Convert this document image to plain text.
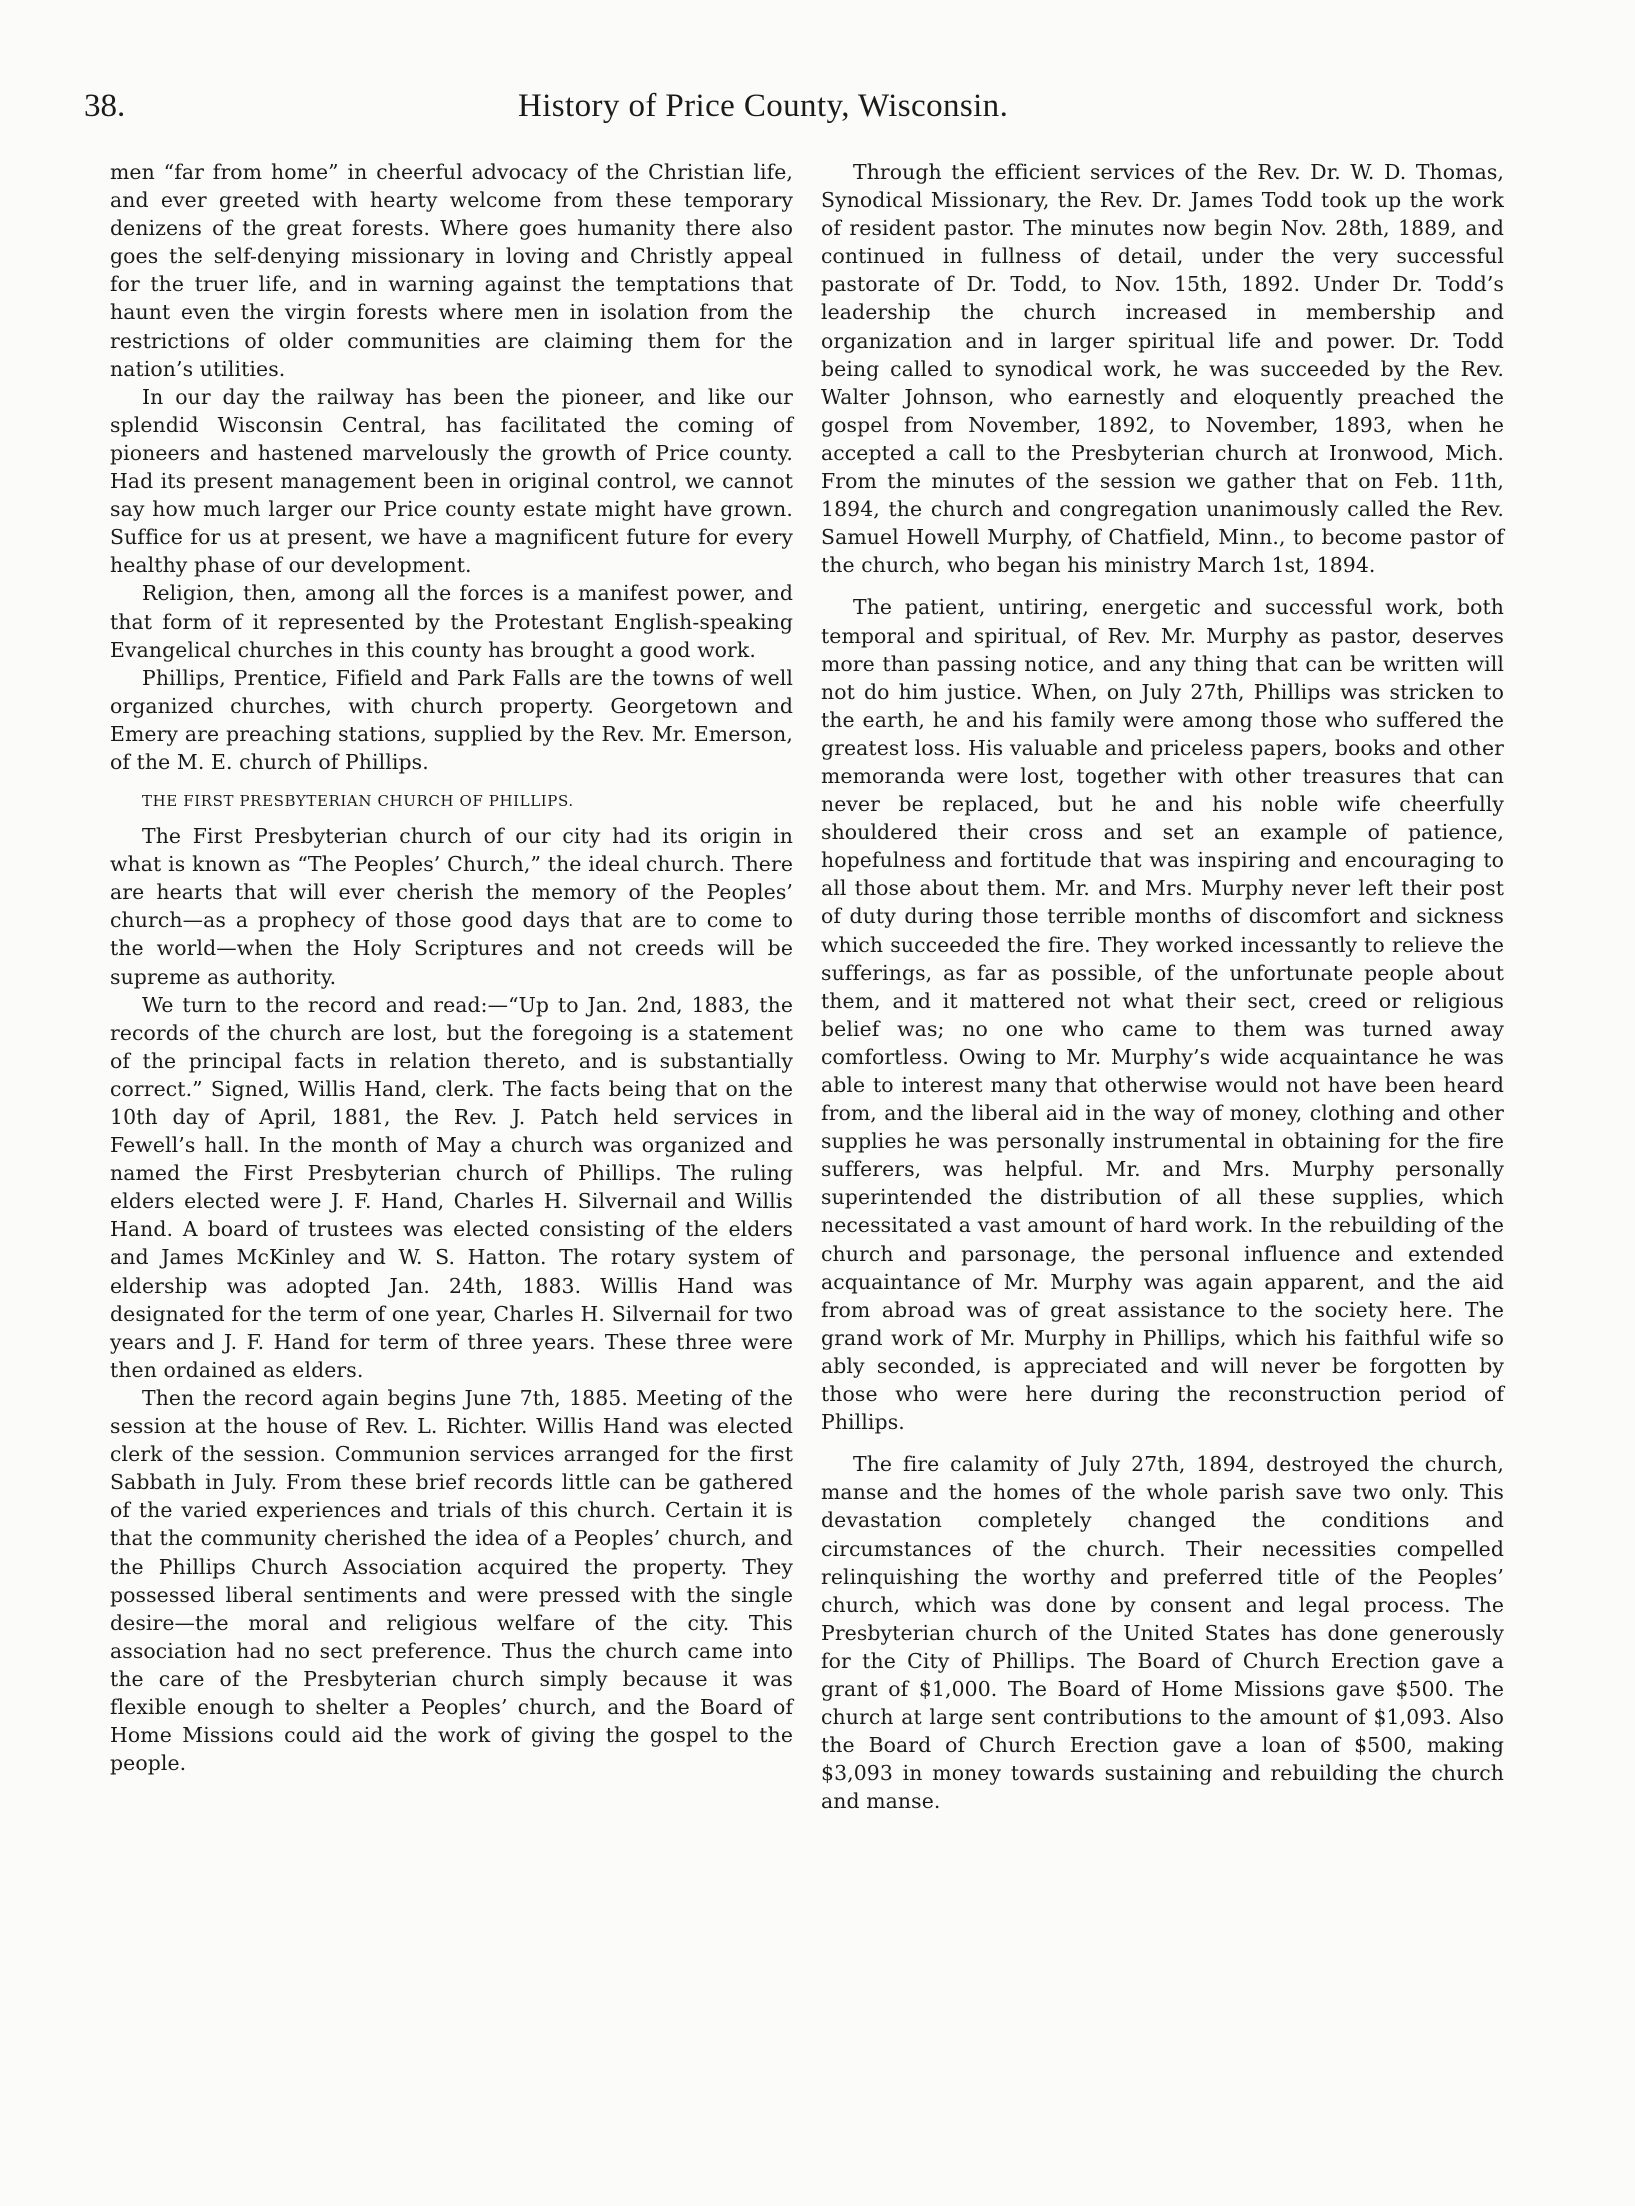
38.	History of Price County, Wisconsin.

men “far from home” in cheerful advocacy of the Christian life, and ever greeted with hearty welcome from these temporary denizens of the great forests. Where goes humanity there also goes the self-denying missionary in loving and Christly appeal for the truer life, and in warning against the temptations that haunt even the virgin forests where men in isolation from the restrictions of older communities are claiming them for the nation’s utilities.

In our day the railway has been the pioneer, and like our splendid Wisconsin Central, has facilitated the coming of pioneers and hastened marvelously the growth of Price county. Had its present management been in original control, we cannot say how much larger our Price county estate might have grown. Suffice for us at present, we have a magnificent future for every healthy phase of our development.

Religion, then, among all the forces is a manifest power, and that form of it represented by the Protestant English-speaking Evangelical churches in this county has brought a good work.

Phillips, Prentice, Fifield and Park Falls are the towns of well organized churches, with church property. Georgetown and Emery are preaching stations, supplied by the Rev. Mr. Emerson, of the M. E. church of Phillips.

THE FIRST PRESBYTERIAN CHURCH OF PHILLIPS.

The First Presbyterian church of our city had its origin in what is known as “The Peoples’ Church,” the ideal church. There are hearts that will ever cherish the memory of the Peoples’ church—as a prophecy of those good days that are to come to the world—when the Holy Scriptures and not creeds will be supreme as authority.

We turn to the record and read:—“Up to Jan. 2nd, 1883, the records of the church are lost, but the foregoing is a statement of the principal facts in relation thereto, and is substantially correct.” Signed, Willis Hand, clerk. The facts being that on the 10th day of April, 1881, the Rev. J. Patch held services in Fewell’s hall. In the month of May a church was organized and named the First Presbyterian church of Phillips. The ruling elders elected were J. F. Hand, Charles H. Silvernail and Willis Hand. A board of trustees was elected consisting of the elders and James McKinley and W. S. Hatton. The rotary system of eldership was adopted Jan. 24th, 1883. Willis Hand was designated for the term of one year, Charles H. Silvernail for two years and J. F. Hand for term of three years. These three were then ordained as elders.

Then the record again begins June 7th, 1885. Meeting of the session at the house of Rev. L. Richter. Willis Hand was elected clerk of the session. Communion services arranged for the first Sabbath in July. From these brief records little can be gathered of the varied experiences and trials of this church. Certain it is that the community cherished the idea of a Peoples’ church, and the Phillips Church Association acquired the property. They possessed liberal sentiments and were pressed with the single desire—the moral and religious welfare of the city. This association had no sect preference. Thus the church came into the care of the Presbyterian church simply because it was flexible enough to shelter a Peoples’ church, and the Board of Home Missions could aid the work of giving the gospel to the people.

Through the efficient services of the Rev. Dr. W. D. Thomas, Synodical Missionary, the Rev. Dr. James Todd took up the work of resident pastor. The minutes now begin Nov. 28th, 1889, and continued in fullness of detail, under the very successful pastorate of Dr. Todd, to Nov. 15th, 1892. Under Dr. Todd’s leadership the church increased in membership and organization and in larger spiritual life and power. Dr. Todd being called to synodical work, he was succeeded by the Rev. Walter Johnson, who earnestly and eloquently preached the gospel from November, 1892, to November, 1893, when he accepted a call to the Presbyterian church at Ironwood, Mich. From the minutes of the session we gather that on Feb. 11th, 1894, the church and congregation unanimously called the Rev. Samuel Howell Murphy, of Chatfield, Minn., to become pastor of the church, who began his ministry March 1st, 1894.

The patient, untiring, energetic and successful work, both temporal and spiritual, of Rev. Mr. Murphy as pastor, deserves more than passing notice, and any thing that can be written will not do him justice. When, on July 27th, Phillips was stricken to the earth, he and his family were among those who suffered the greatest loss. His valuable and priceless papers, books and other memoranda were lost, together with other treasures that can never be replaced, but he and his noble wife cheerfully shouldered their cross and set an example of patience, hopefulness and fortitude that was inspiring and encouraging to all those about them. Mr. and Mrs. Murphy never left their post of duty during those terrible months of discomfort and sickness which succeeded the fire. They worked incessantly to relieve the sufferings, as far as possible, of the unfortunate people about them, and it mattered not what their sect, creed or religious belief was; no one who came to them was turned away comfortless. Owing to Mr. Murphy’s wide acquaintance he was able to interest many that otherwise would not have been heard from, and the liberal aid in the way of money, clothing and other supplies he was personally instrumental in obtaining for the fire sufferers, was helpful. Mr. and Mrs. Murphy personally superintended the distribution of all these supplies, which necessitated a vast amount of hard work. In the rebuilding of the church and parsonage, the personal influence and extended acquaintance of Mr. Murphy was again apparent, and the aid from abroad was of great assistance to the society here. The grand work of Mr. Murphy in Phillips, which his faithful wife so ably seconded, is appreciated and will never be forgotten by those who were here during the reconstruction period of Phillips.

The fire calamity of July 27th, 1894, destroyed the church, manse and the homes of the whole parish save two only. This devastation completely changed the conditions and circumstances of the church. Their necessities compelled relinquishing the worthy and preferred title of the Peoples’ church, which was done by consent and legal process. The Presbyterian church of the United States has done generously for the City of Phillips. The Board of Church Erection gave a grant of $1,000. The Board of Home Missions gave $500. The church at large sent contributions to the amount of $1,093. Also the Board of Church Erection gave a loan of $500, making $3,093 in money towards sustaining and rebuilding the church and manse.
